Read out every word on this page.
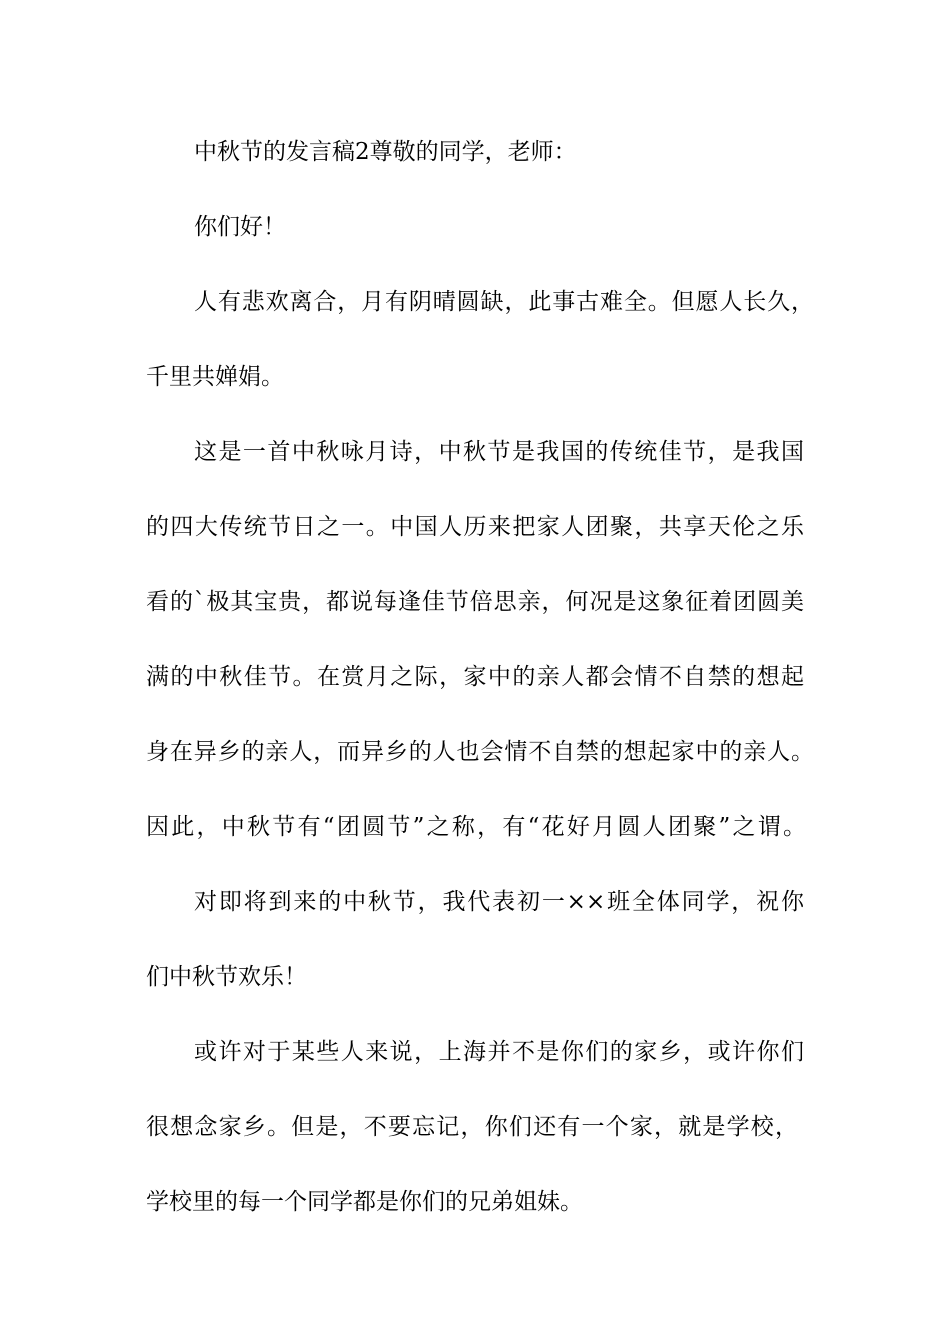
中秋节的发言稿2尊敬的同学，老师：
你们好！
人有悲欢离合，月有阴晴圆缺，此事古难全。但愿人长久，
千里共婵娟。
这是一首中秋咏月诗，中秋节是我国的传统佳节，是我国
的四大传统节日之一。中国人历来把家人团聚，共享天伦之乐
看的`极其宝贵，都说每逢佳节倍思亲，何况是这象征着团圆美
满的中秋佳节。在赏月之际，家中的亲人都会情不自禁的想起
身在异乡的亲人，而异乡的人也会情不自禁的想起家中的亲人。
因此，中秋节有“团圆节”之称，有“花好月圆人团聚”之谓。
对即将到来的中秋节，我代表初一××班全体同学，祝你
们中秋节欢乐！
或许对于某些人来说，上海并不是你们的家乡，或许你们
很想念家乡。但是，不要忘记，你们还有一个家，就是学校，
学校里的每一个同学都是你们的兄弟姐妹。
